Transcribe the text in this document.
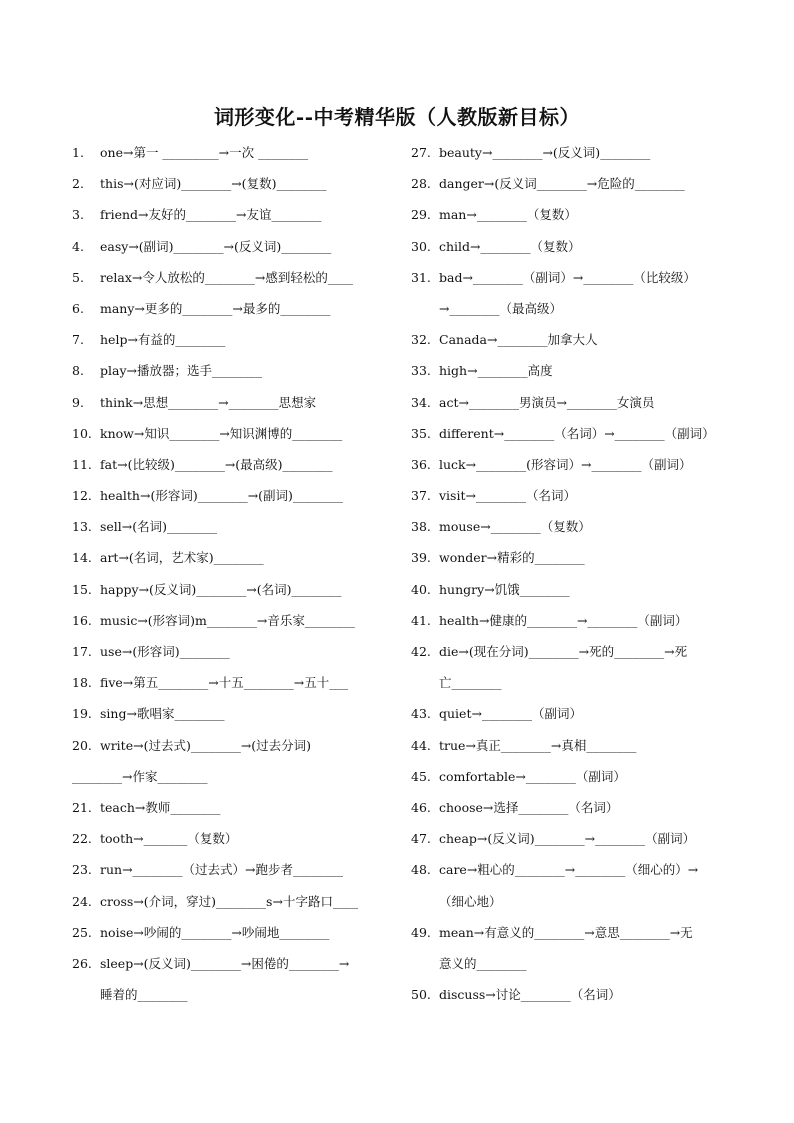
词形变化--中考精华版（人教版新目标）
1. one→第一 _________→一次 ________
2. this→(对应词)________→(复数)________
3. friend→友好的________→友谊________
4. easy→(副词)________→(反义词)________
5. relax→令人放松的________→感到轻松的____
6. many→更多的________→最多的________
7. help→有益的________
8. play→播放器；选手________
9. think→思想________→________思想家
10. know→知识________→知识渊博的________
11. fat→(比较级)________→(最高级)________
12. health→(形容词)________→(副词)________
13. sell→(名词)________
14. art→(名词，艺术家)________
15. happy→(反义词)________→(名词)________
16. music→(形容词)m________→音乐家________
17. use→(形容词)________
18. five→第五________→十五________→五十___
19. sing→歌唱家________
20. write→(过去式)________→(过去分词)
________→作家________
21. teach→教师________
22. tooth→_______（复数）
23. run→________（过去式）→跑步者________
24. cross→(介词，穿过)________s→十字路口____
25. noise→吵闹的________→吵闹地________
26. sleep→(反义词)________→困倦的________→
睡着的________
27. beauty→________→(反义词)________
28. danger→(反义词________→危险的________
29. man→________（复数）
30. child→________（复数）
31. bad→________（副词）→________（比较级）
→________（最高级）
32. Canada→________加拿大人
33. high→________高度
34. act→________男演员→________女演员
35. different→________（名词）→________（副词）
36. luck→________(形容词）→________（副词）
37. visit→________（名词）
38. mouse→________（复数）
39. wonder→精彩的________
40. hungry→饥饿________
41. health→健康的________→________（副词）
42. die→(现在分词)________→死的________→死
亡________
43. quiet→________（副词）
44. true→真正________→真相________
45. comfortable→________（副词）
46. choose→选择________（名词）
47. cheap→(反义词)________→________（副词）
48. care→粗心的________→________（细心的）→
（细心地）
49. mean→有意义的________→意思________→无
意义的________
50. discuss→讨论________（名词）
